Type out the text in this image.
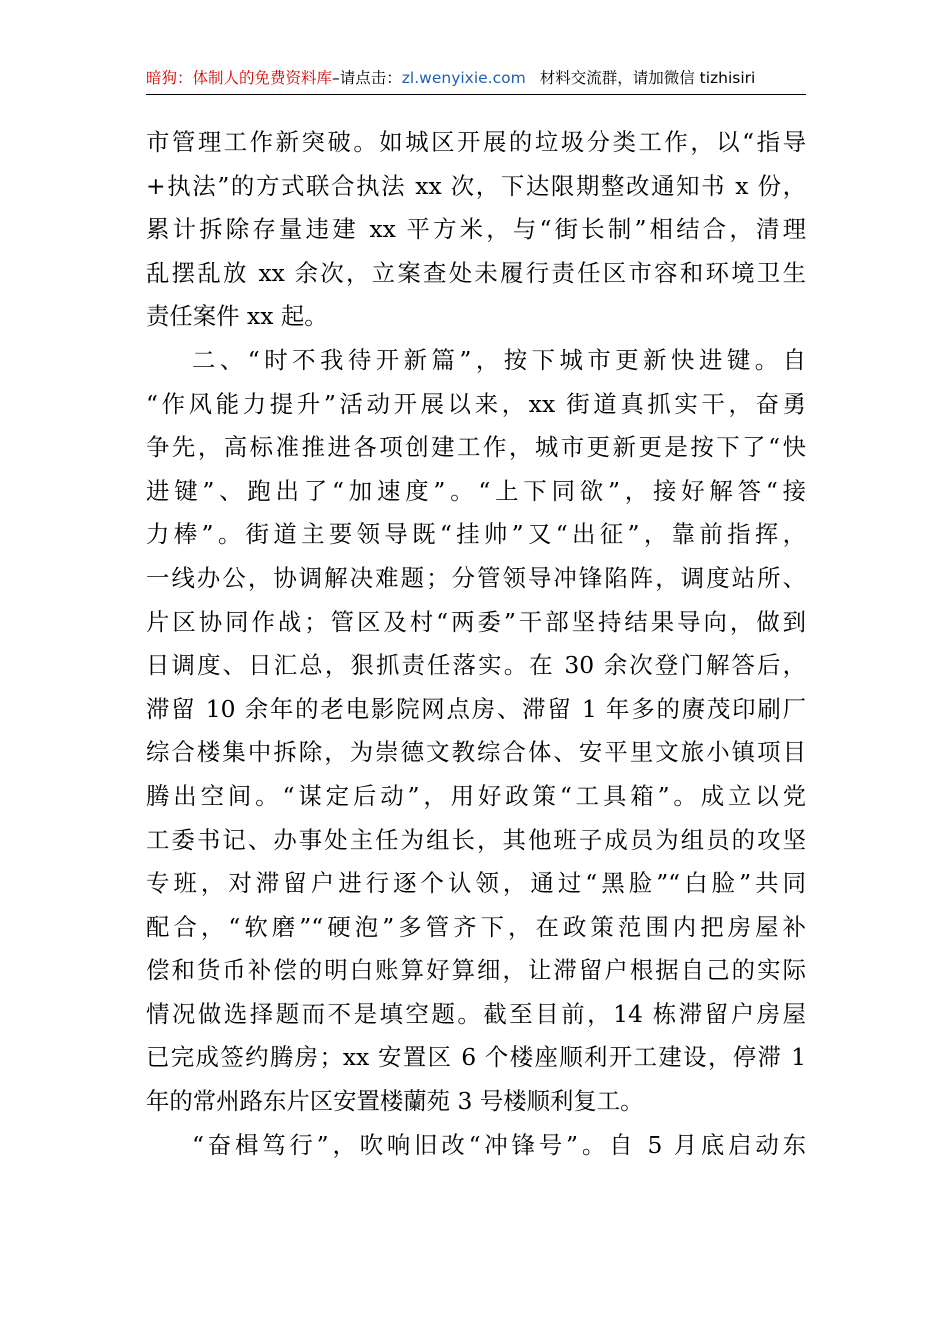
暗狗：体制人的免费资料库–请点击：zl.wenyixie.com 材料交流群，请加微信 tizhisiri
市管理工作新突破。如城区开展的垃圾分类工作，以“指导
+执法”的方式联合执法 xx 次，下达限期整改通知书 x 份，
累计拆除存量违建 xx 平方米，与“街长制”相结合，清理
乱摆乱放 xx 余次，立案查处未履行责任区市容和环境卫生
责任案件 xx 起。
二、“时不我待开新篇”，按下城市更新快进键。自
“作风能力提升”活动开展以来，xx 街道真抓实干，奋勇
争先，高标准推进各项创建工作，城市更新更是按下了“快
进键”、跑出了“加速度”。“上下同欲”，接好解答“接
力棒”。街道主要领导既“挂帅”又“出征”，靠前指挥，
一线办公，协调解决难题；分管领导冲锋陷阵，调度站所、
片区协同作战；管区及村“两委”干部坚持结果导向，做到
日调度、日汇总，狠抓责任落实。在 30 余次登门解答后，
滞留 10 余年的老电影院网点房、滞留 1 年多的赓茂印刷厂
综合楼集中拆除，为崇德文教综合体、安平里文旅小镇项目
腾出空间。“谋定后动”，用好政策“工具箱”。成立以党
工委书记、办事处主任为组长，其他班子成员为组员的攻坚
专班，对滞留户进行逐个认领，通过“黑脸”“白脸”共同
配合，“软磨”“硬泡”多管齐下，在政策范围内把房屋补
偿和货币补偿的明白账算好算细，让滞留户根据自己的实际
情况做选择题而不是填空题。截至目前，14 栋滞留户房屋
已完成签约腾房；xx 安置区 6 个楼座顺利开工建设，停滞 1
年的常州路东片区安置楼蘭苑 3 号楼顺利复工。
“奋楫笃行”，吹响旧改“冲锋号”。自 5 月底启动东
